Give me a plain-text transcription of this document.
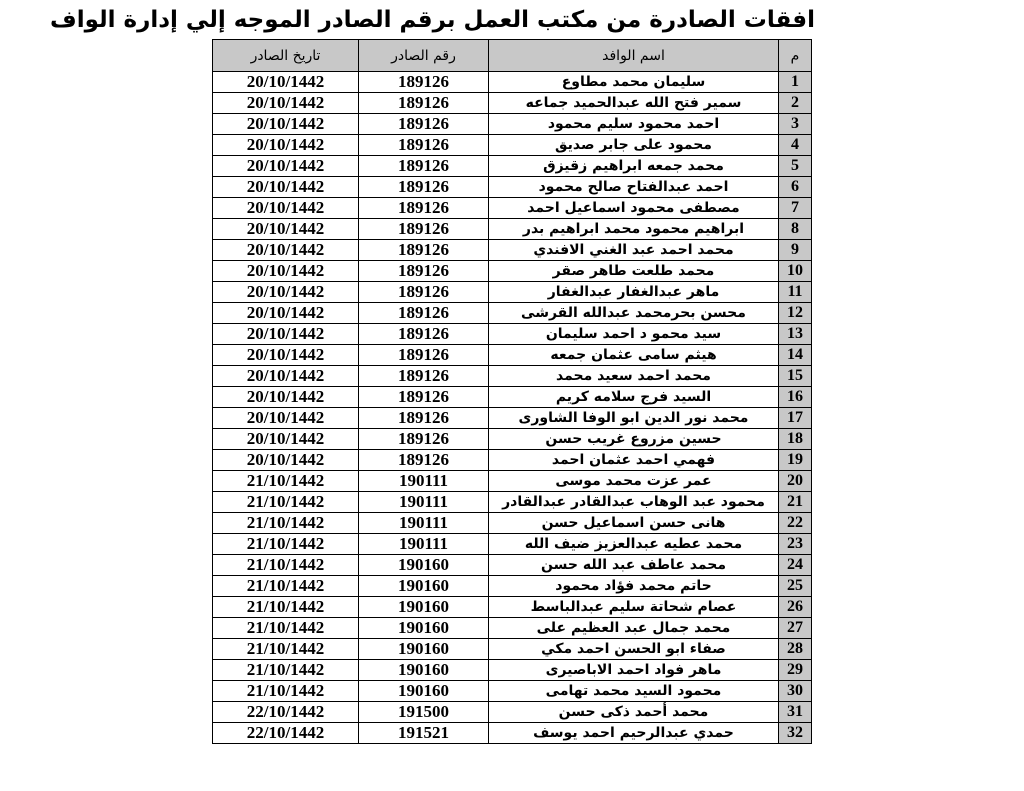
افقات الصادرة من مكتب العمل برقم الصادر الموجه إلي إدارة الواف
م	اسم الوافد	رقم الصادر	تاريخ الصادر
1	سليمان محمد مطاوع	189126	20/10/1442
2	سمير فتح الله عبدالحميد جماعه	189126	20/10/1442
3	احمد محمود سليم محمود	189126	20/10/1442
4	محمود على جابر صديق	189126	20/10/1442
5	محمد جمعه ابراهيم زقيزق	189126	20/10/1442
6	احمد عبدالفتاح صالح محمود	189126	20/10/1442
7	مصطفى محمود اسماعيل احمد	189126	20/10/1442
8	ابراهيم محمود محمد ابراهيم بدر	189126	20/10/1442
9	محمد احمد عبد الغني الافندي	189126	20/10/1442
10	محمد طلعت طاهر صقر	189126	20/10/1442
11	ماهر عبدالغفار عبدالغفار	189126	20/10/1442
12	محسن بحرمحمد عبدالله القرشى	189126	20/10/1442
13	سيد محمو د احمد سليمان	189126	20/10/1442
14	هيثم سامى عثمان جمعه	189126	20/10/1442
15	محمد احمد سعيد محمد	189126	20/10/1442
16	السيد فرج سلامه كريم	189126	20/10/1442
17	محمد نور الدين ابو الوفا الشاورى	189126	20/10/1442
18	حسين مزروع غريب حسن	189126	20/10/1442
19	فهمي احمد عثمان احمد	189126	20/10/1442
20	عمر عزت محمد موسى	190111	21/10/1442
21	محمود عبد الوهاب عبدالقادر عبدالقادر	190111	21/10/1442
22	هانى حسن اسماعيل حسن	190111	21/10/1442
23	محمد عطيه عبدالعزيز ضيف الله	190111	21/10/1442
24	محمد عاطف عبد الله حسن	190160	21/10/1442
25	حاتم محمد فؤاد محمود	190160	21/10/1442
26	عصام شحاتة سليم عبدالباسط	190160	21/10/1442
27	محمد جمال عبد العظيم على	190160	21/10/1442
28	صفاء ابو الحسن احمد مكي	190160	21/10/1442
29	ماهر فواد احمد الاباصيرى	190160	21/10/1442
30	محمود السيد محمد تهامى	190160	21/10/1442
31	محمد أحمد ذكى حسن	191500	22/10/1442
32	حمدي عبدالرحيم احمد يوسف	191521	22/10/1442
